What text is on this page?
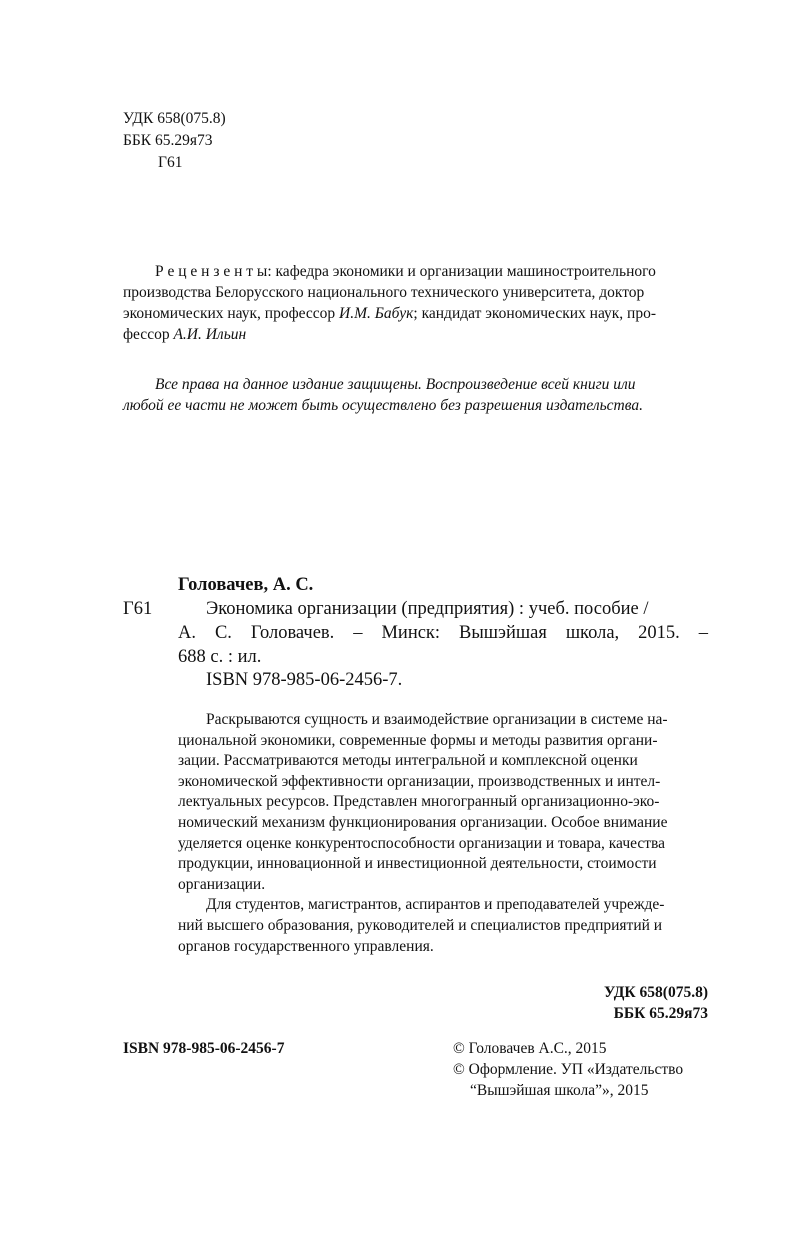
УДК 658(075.8)
ББК 65.29я73
Г61
Р е ц е н з е н т ы: кафедра экономики и организации машиностроительного
производства Белорусского национального технического университета, доктор
экономических наук, профессор И.М. Бабук; кандидат экономических наук, про-
фессор А.И. Ильин
Все права на данное издание защищены. Воспроизведение всей книги или
любой ее части не может быть осуществлено без разрешения издательства.
Головачев, А. С.
Г61	Экономика организации (предприятия) : учеб. пособие /
А. С. Головачев. – Минск: Вышэйшая школа, 2015. –
688 с. : ил.
ISBN 978-985-06-2456-7.
Раскрываются сущность и взаимодействие организации в системе на-
циональной экономики, современные формы и методы развития органи-
зации. Рассматриваются методы интегральной и комплексной оценки
экономической эффективности организации, производственных и интел-
лектуальных ресурсов. Представлен многогранный организационно-эко-
номический механизм функционирования организации. Особое внимание
уделяется оценке конкурентоспособности организации и товара, качества
продукции, инновационной и инвестиционной деятельности, стоимости
организации.
Для студентов, магистрантов, аспирантов и преподавателей учрежде-
ний высшего образования, руководителей и специалистов предприятий и
органов государственного управления.
УДК 658(075.8)
ББК 65.29я73
ISBN 978-985-06-2456-7	© Головачев А.С., 2015
© Оформление. УП «Издательство
“Вышэйшая школа”», 2015
